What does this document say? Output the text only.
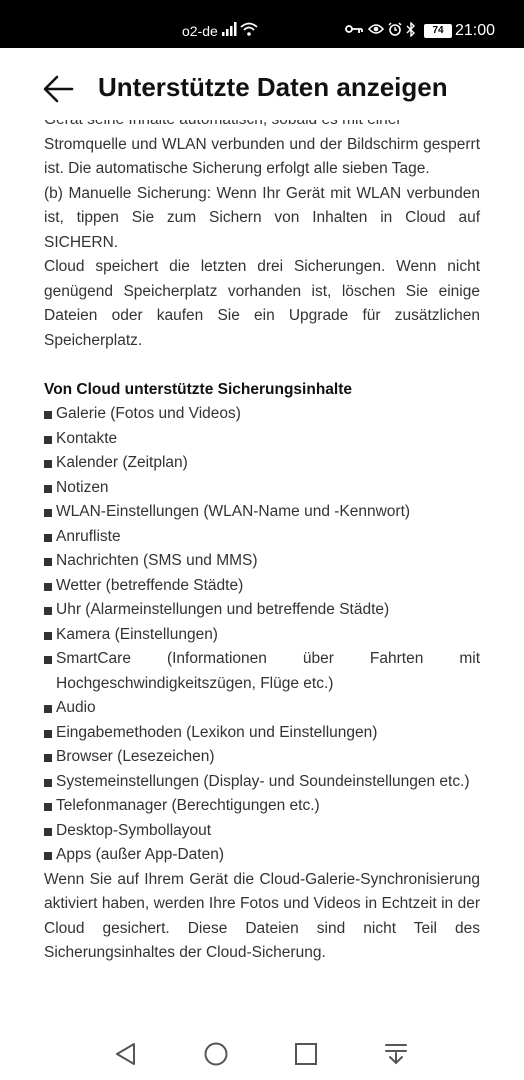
o2-de	74 21:00
Unterstützte Daten anzeigen

Stromquelle und WLAN verbunden und der Bildschirm gesperrt ist. Die automatische Sicherung erfolgt alle sieben Tage.

(b) Manuelle Sicherung: Wenn Ihr Gerät mit WLAN verbunden ist, tippen Sie zum Sichern von Inhalten in Cloud auf SICHERN.

Cloud speichert die letzten drei Sicherungen. Wenn nicht genügend Speicherplatz vorhanden ist, löschen Sie einige Dateien oder kaufen Sie ein Upgrade für zusätzlichen Speicherplatz.

Von Cloud unterstützte Sicherungsinhalte
Galerie (Fotos und Videos)
Kontakte
Kalender (Zeitplan)
Notizen
WLAN-Einstellungen (WLAN-Name und -Kennwort)
Anrufliste
Nachrichten (SMS und MMS)
Wetter (betreffende Städte)
Uhr (Alarmeinstellungen und betreffende Städte)
Kamera (Einstellungen)
SmartCare (Informationen über Fahrten mit Hochgeschwindigkeitszügen, Flüge etc.)
Audio
Eingabemethoden (Lexikon und Einstellungen)
Browser (Lesezeichen)
Systemeinstellungen (Display- und Soundeinstellungen etc.)
Telefonmanager (Berechtigungen etc.)
Desktop-Symbollayout
Apps (außer App-Daten)

Wenn Sie auf Ihrem Gerät die Cloud-Galerie-Synchronisierung aktiviert haben, werden Ihre Fotos und Videos in Echtzeit in der Cloud gesichert. Diese Dateien sind nicht Teil des Sicherungsinhaltes der Cloud-Sicherung.
